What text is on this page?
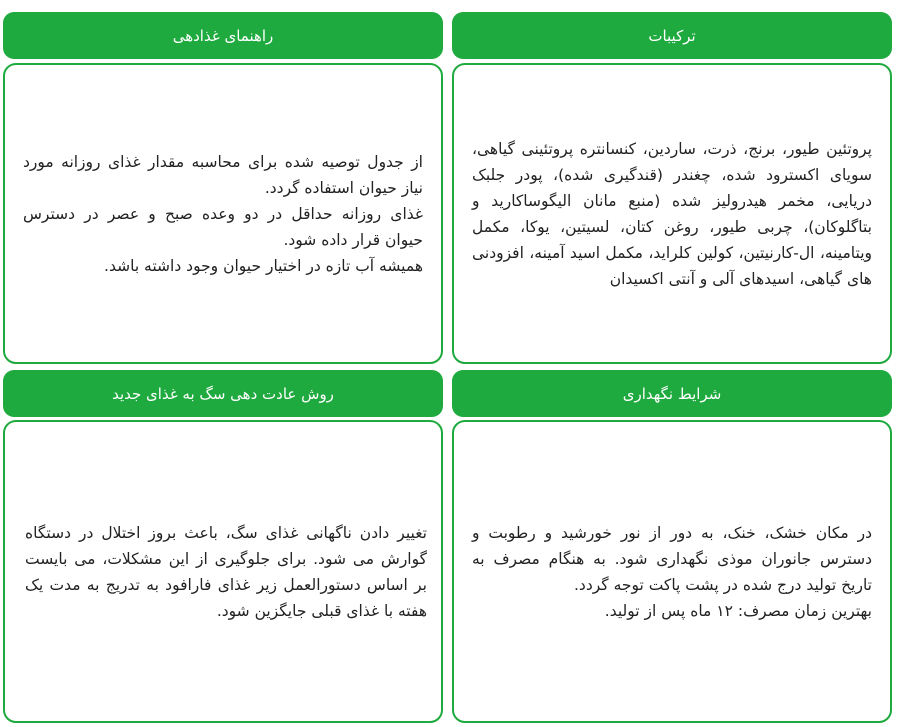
ترکیبات

پروتئین طیور، برنج، ذرت، ساردین، کنسانتره پروتئینی گیاهی، سویای اکسترود شده، چغندر (قندگیری شده)، پودر جلبک دریایی، مخمر هیدرولیز شده (منبع مانان الیگوساکارید و بتاگلوکان)، چربی طیور، روغن کتان، لسیتین، یوکا، مکمل ویتامینه، ال-کارنیتین، کولین کلراید، مکمل اسید آمینه، افزودنی های گیاهی، اسیدهای آلی و آنتی اکسیدان

راهنمای غذادهی

از جدول توصیه شده برای محاسبه مقدار غذای روزانه مورد نیاز حیوان استفاده گردد.
غذای روزانه حداقل در دو وعده صبح و عصر در دسترس حیوان قرار داده شود.
همیشه آب تازه در اختیار حیوان وجود داشته باشد.

شرایط نگهداری

در مکان خشک، خنک، به دور از نور خورشید و رطوبت و دسترس جانوران موذی نگهداری شود. به هنگام مصرف به تاریخ تولید درج شده در پشت پاکت توجه گردد.
بهترین زمان مصرف: ۱۲ ماه پس از تولید.

روش عادت دهی سگ به غذای جدید

تغییر دادن ناگهانی غذای سگ، باعث بروز اختلال در دستگاه گوارش می شود. برای جلوگیری از این مشکلات، می بایست بر اساس دستورالعمل زیر غذای فارافود به تدریج به مدت یک هفته با غذای قبلی جایگزین شود.
